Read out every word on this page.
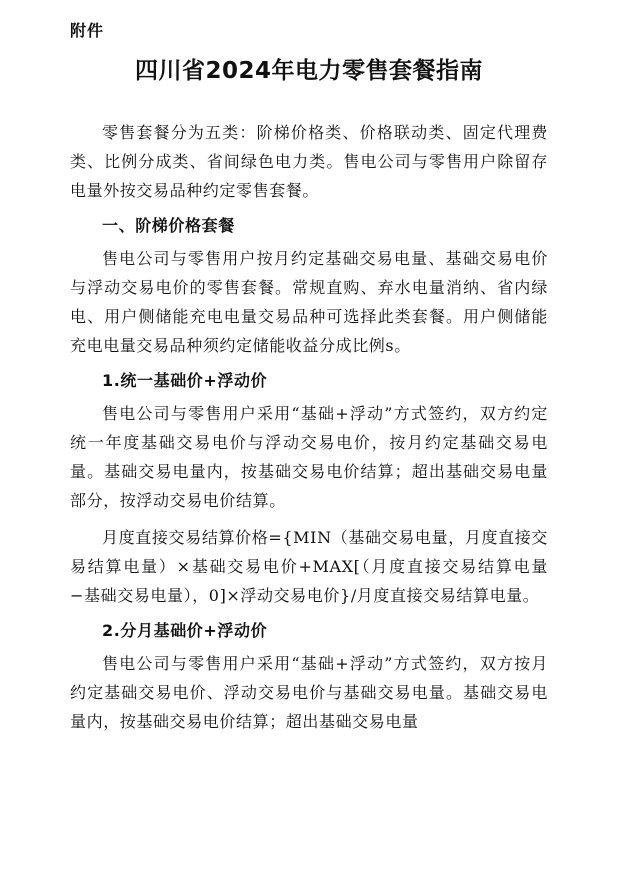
附件
四川省2024年电力零售套餐指南

零售套餐分为五类：阶梯价格类、价格联动类、固定代理费类、比例分成类、省间绿色电力类。售电公司与零售用户除留存电量外按交易品种约定零售套餐。

一、阶梯价格套餐

售电公司与零售用户按月约定基础交易电量、基础交易电价与浮动交易电价的零售套餐。常规直购、弃水电量消纳、省内绿电、用户侧储能充电电量交易品种可选择此类套餐。用户侧储能充电电量交易品种须约定储能收益分成比例s。

1.统一基础价+浮动价

售电公司与零售用户采用“基础+浮动”方式签约，双方约定统一年度基础交易电价与浮动交易电价，按月约定基础交易电量。基础交易电量内，按基础交易电价结算；超出基础交易电量部分，按浮动交易电价结算。

月度直接交易结算价格={MIN（基础交易电量，月度直接交易结算电量）×基础交易电价+MAX[（月度直接交易结算电量−基础交易电量），0]×浮动交易电价}/月度直接交易结算电量。

2.分月基础价+浮动价

售电公司与零售用户采用“基础+浮动”方式签约，双方按月约定基础交易电价、浮动交易电价与基础交易电量。基础交易电量内，按基础交易电价结算；超出基础交易电量
